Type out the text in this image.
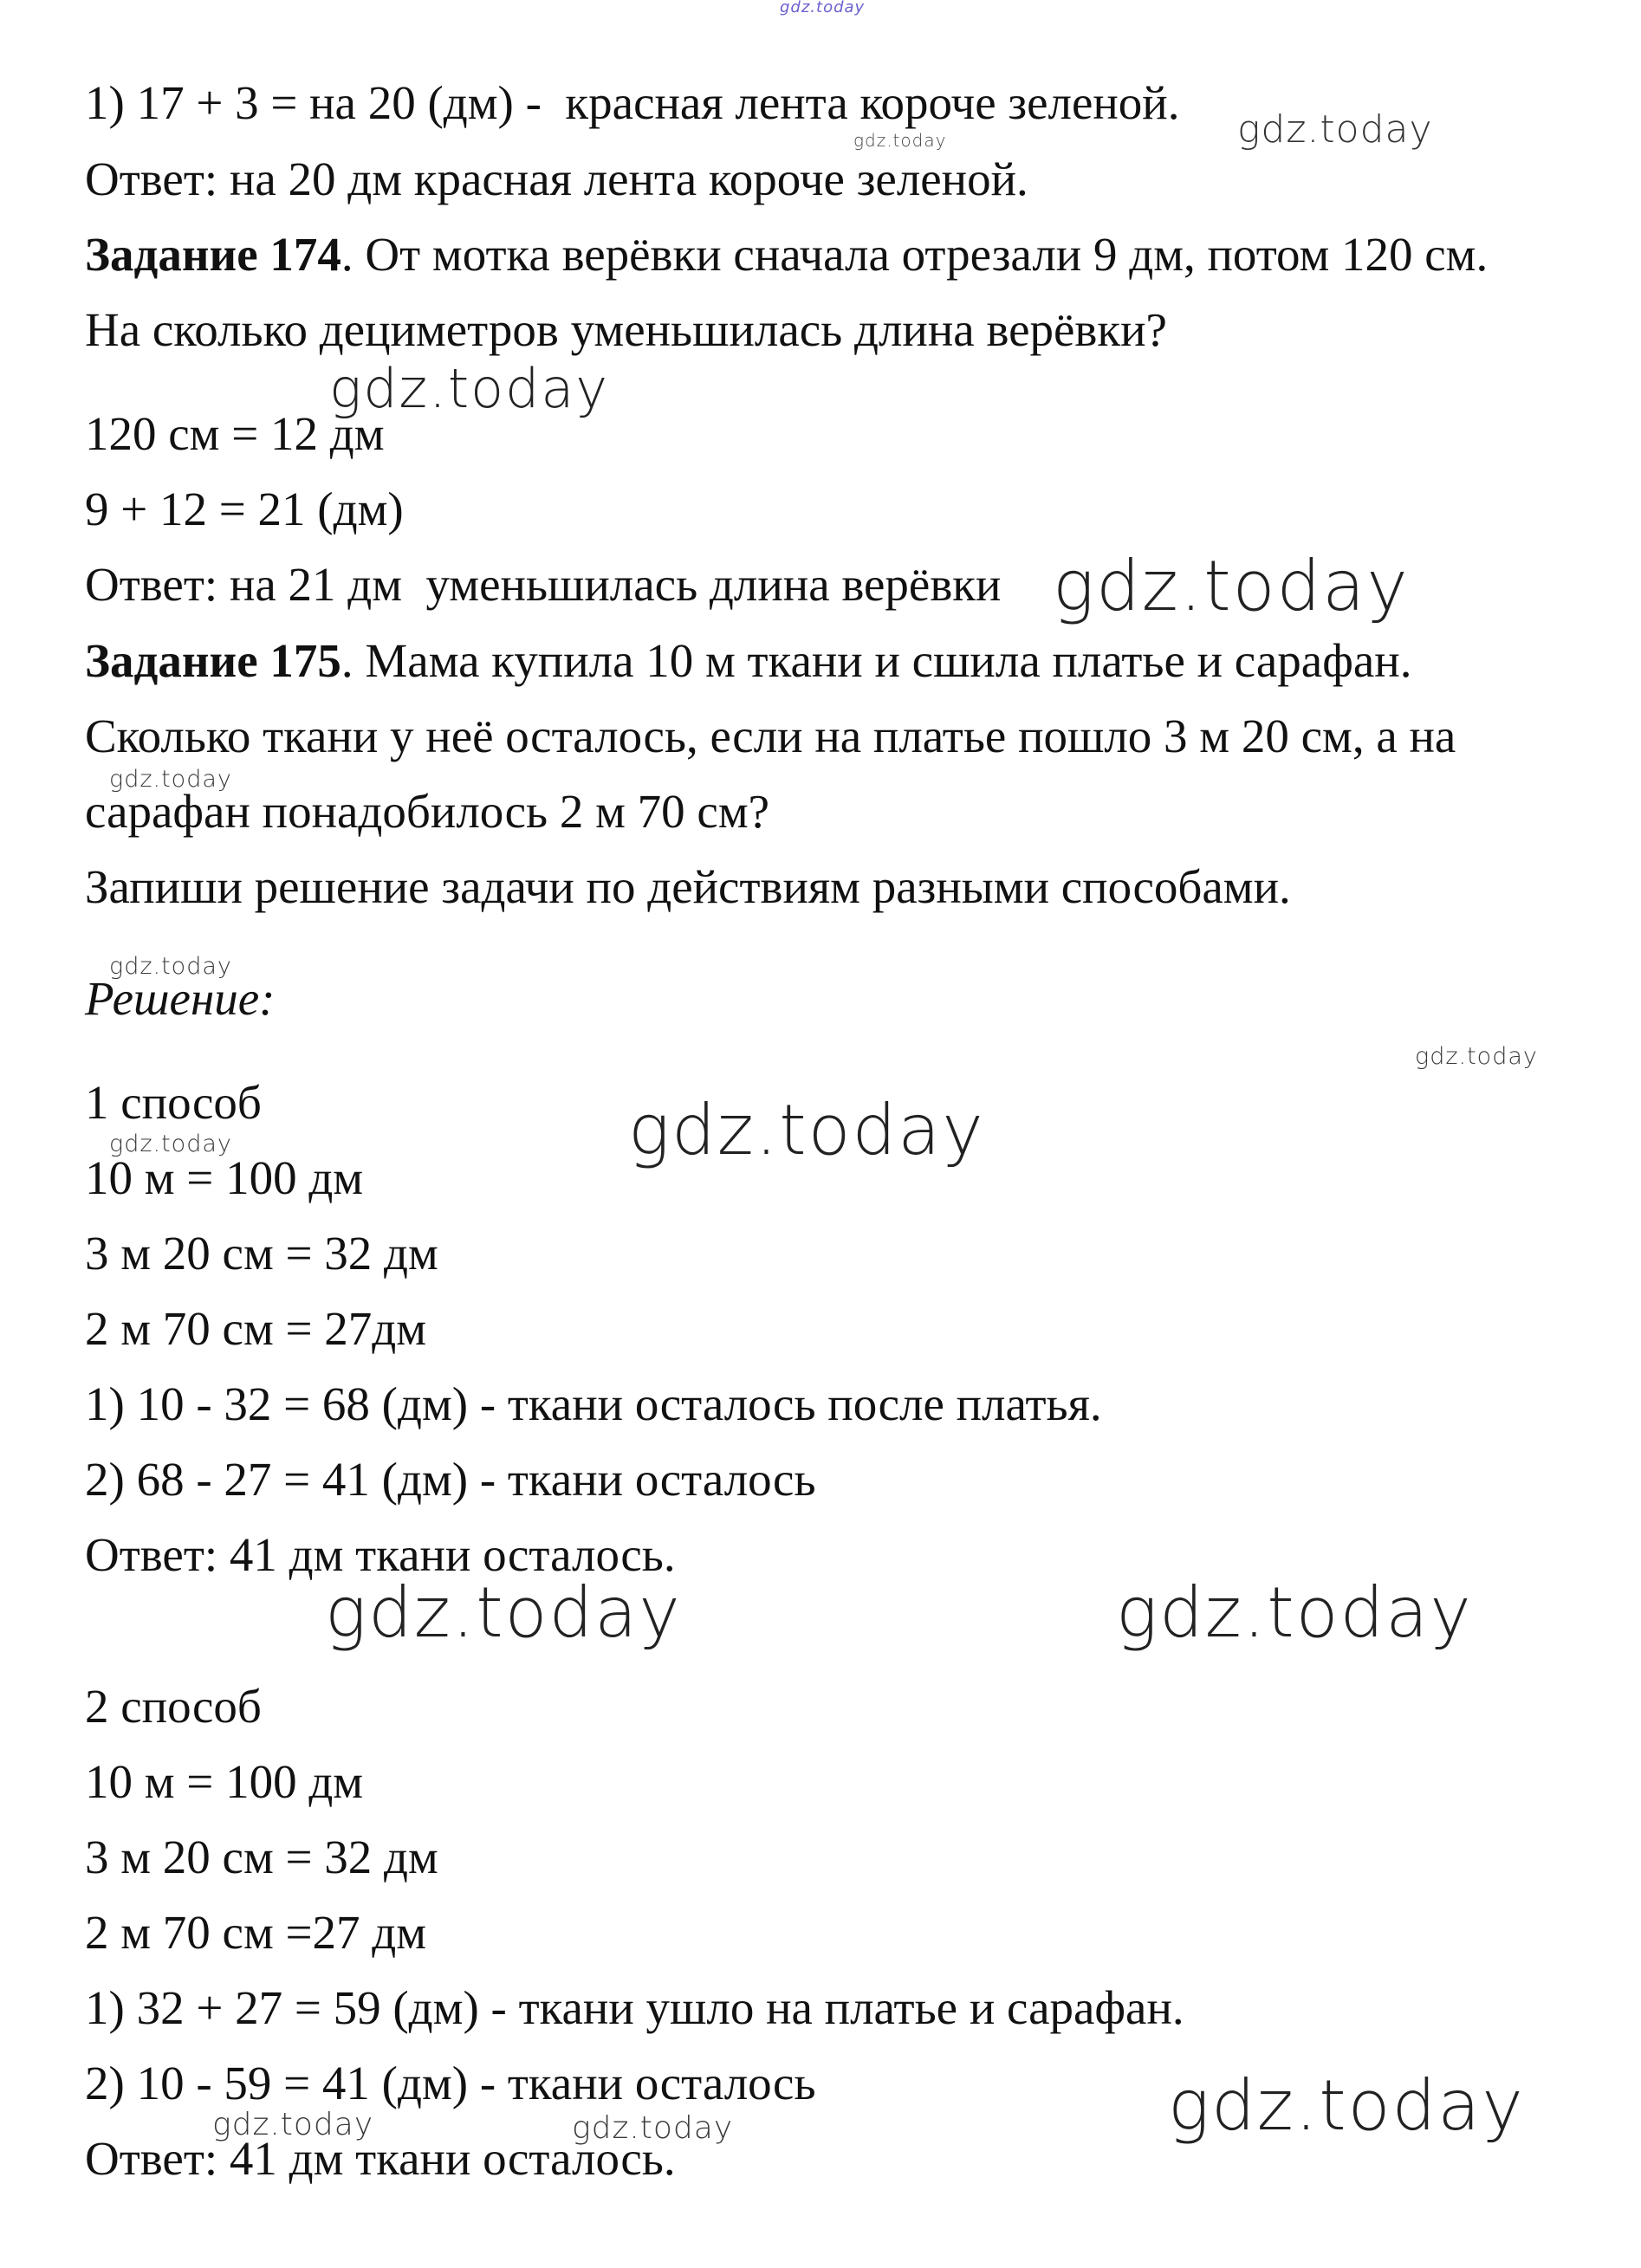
gdz.today
1) 17 + 3 = на 20 (дм) -  красная лента короче зеленой.
gdz.today	gdz.today
Ответ: на 20 дм красная лента короче зеленой.
Задание 174. От мотка верёвки сначала отрезали 9 дм, потом 120 см.
На сколько дециметров уменьшилась длина верёвки?
gdz.today
120 см = 12 дм
9 + 12 = 21 (дм)
Ответ: на 21 дм  уменьшилась длина верёвки gdz.today
Задание 175. Мама купила 10 м ткани и сшила платье и сарафан.
Сколько ткани у неё осталось, если на платье пошло 3 м 20 см, а на
gdz.today
сарафан понадобилось 2 м 70 см?
Запиши решение задачи по действиям разными способами.
gdz.today
Решение:
gdz.today
1 способ	gdz.today
gdz.today
10 м = 100 дм
3 м 20 см = 32 дм
2 м 70 см = 27дм
1) 10 - 32 = 68 (дм) - ткани осталось после платья.
2) 68 - 27 = 41 (дм) - ткани осталось
Ответ: 41 дм ткани осталось.
gdz.today	gdz.today
2 способ
10 м = 100 дм
3 м 20 см = 32 дм
2 м 70 см =27 дм
1) 32 + 27 = 59 (дм) - ткани ушло на платье и сарафан.
2) 10 - 59 = 41 (дм) - ткани осталось	gdz.today
gdz.today	gdz.today
Ответ: 41 дм ткани осталось.
